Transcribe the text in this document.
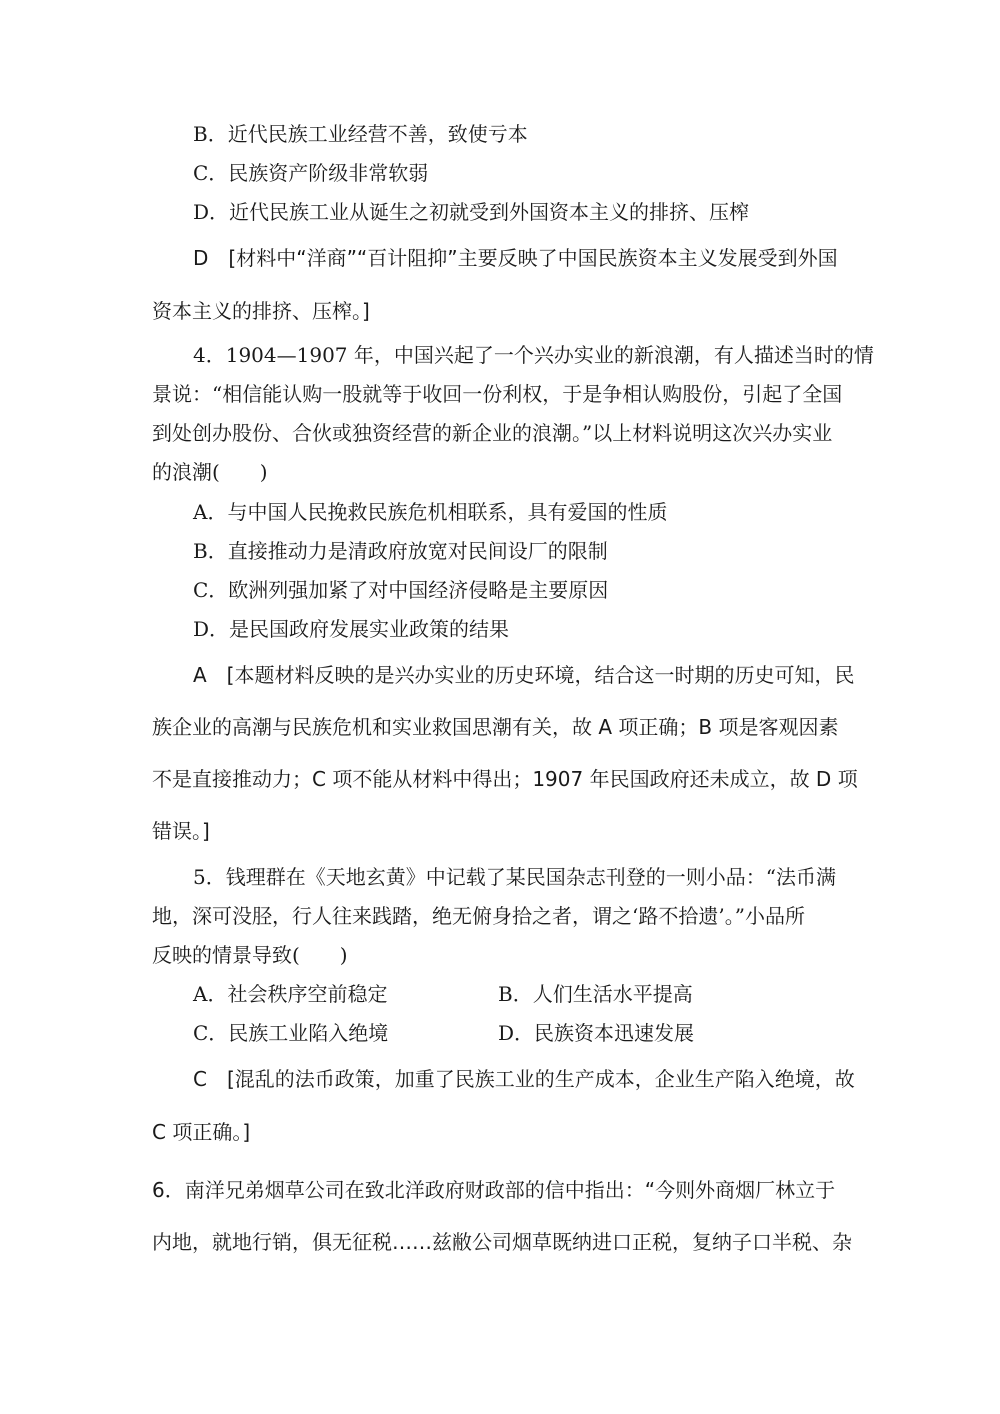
B．近代民族工业经营不善，致使亏本
C．民族资产阶级非常软弱
D．近代民族工业从诞生之初就受到外国资本主义的排挤、压榨
D　[材料中“洋商”“百计阻抑”主要反映了中国民族资本主义发展受到外国
资本主义的排挤、压榨。]
4．1904—1907 年，中国兴起了一个兴办实业的新浪潮，有人描述当时的情
景说：“相信能认购一股就等于收回一份利权，于是争相认购股份，引起了全国
到处创办股份、合伙或独资经营的新企业的浪潮。”以上材料说明这次兴办实业
的浪潮(　　)
A．与中国人民挽救民族危机相联系，具有爱国的性质
B．直接推动力是清政府放宽对民间设厂的限制
C．欧洲列强加紧了对中国经济侵略是主要原因
D．是民国政府发展实业政策的结果
A　[本题材料反映的是兴办实业的历史环境，结合这一时期的历史可知，民
族企业的高潮与民族危机和实业救国思潮有关，故 A 项正确；B 项是客观因素
不是直接推动力；C 项不能从材料中得出；1907 年民国政府还未成立，故 D 项
错误。]
5．钱理群在《天地玄黄》中记载了某民国杂志刊登的一则小品：“法币满
地，深可没胫，行人往来践踏，绝无俯身拾之者，谓之‘路不拾遗’。”小品所
反映的情景导致(　　)
A．社会秩序空前稳定	B．人们生活水平提高
C．民族工业陷入绝境	D．民族资本迅速发展
C　[混乱的法币政策，加重了民族工业的生产成本，企业生产陷入绝境，故
C 项正确。]
6．南洋兄弟烟草公司在致北洋政府财政部的信中指出：“今则外商烟厂林立于
内地，就地行销，俱无征税……兹敝公司烟草既纳进口正税，复纳子口半税、杂
